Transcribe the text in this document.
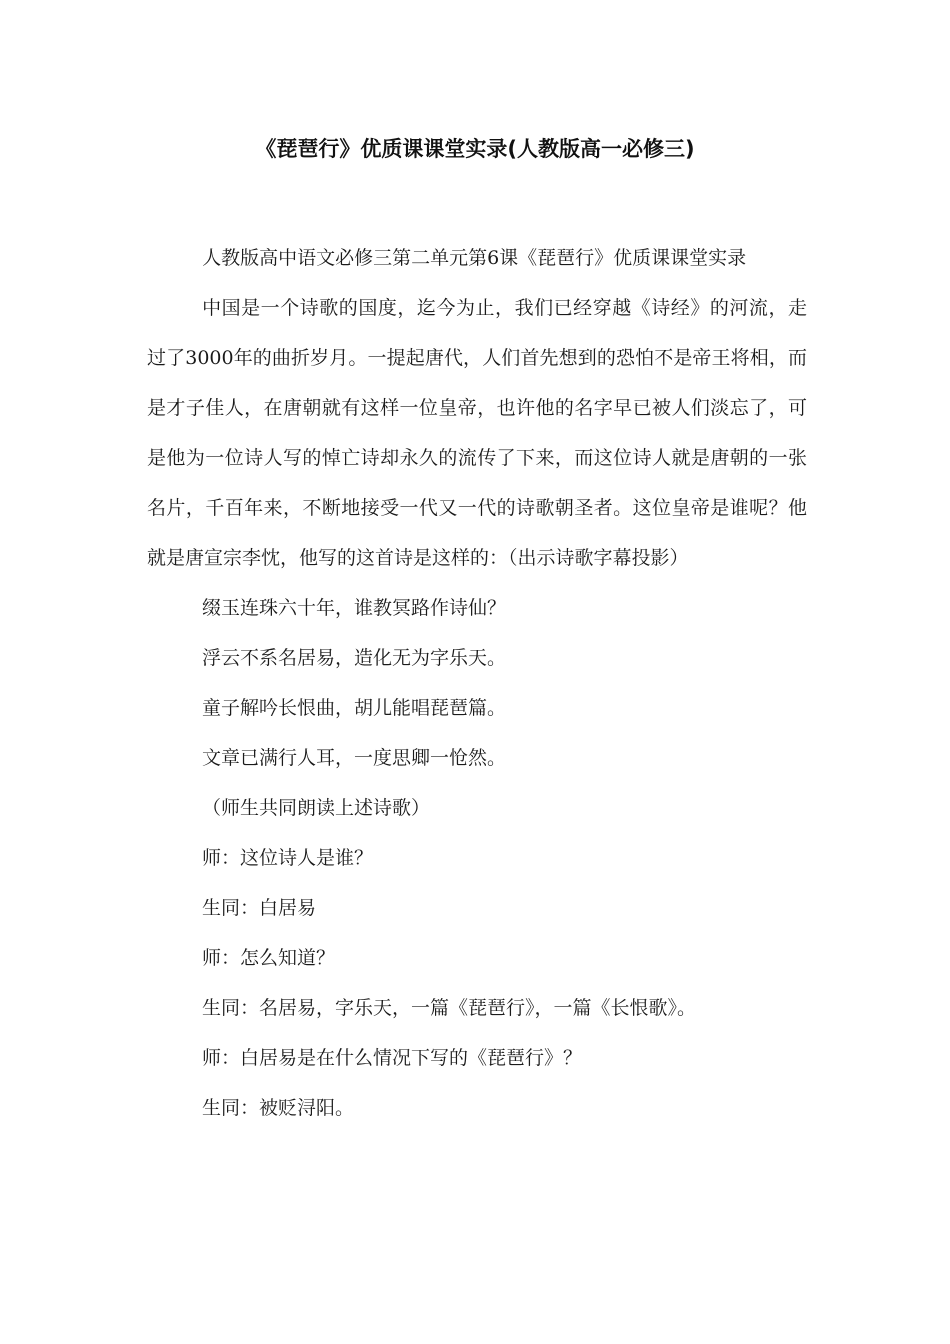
《琵琶行》优质课课堂实录(人教版高一必修三)

人教版高中语文必修三第二单元第6课《琵琶行》优质课课堂实录

中国是一个诗歌的国度，迄今为止，我们已经穿越《诗经》的河流，走过了3000年的曲折岁月。一提起唐代，人们首先想到的恐怕不是帝王将相，而是才子佳人，在唐朝就有这样一位皇帝，也许他的名字早已被人们淡忘了，可是他为一位诗人写的悼亡诗却永久的流传了下来，而这位诗人就是唐朝的一张名片，千百年来，不断地接受一代又一代的诗歌朝圣者。这位皇帝是谁呢？他就是唐宣宗李忱，他写的这首诗是这样的：（出示诗歌字幕投影）

缀玉连珠六十年，谁教冥路作诗仙？

浮云不系名居易，造化无为字乐天。

童子解吟长恨曲，胡儿能唱琵琶篇。

文章已满行人耳，一度思卿一怆然。

（师生共同朗读上述诗歌）

师：这位诗人是谁？

生同：白居易

师：怎么知道？

生同：名居易，字乐天，一篇《琵琶行》，一篇《长恨歌》。

师：白居易是在什么情况下写的《琵琶行》？

生同：被贬浔阳。
